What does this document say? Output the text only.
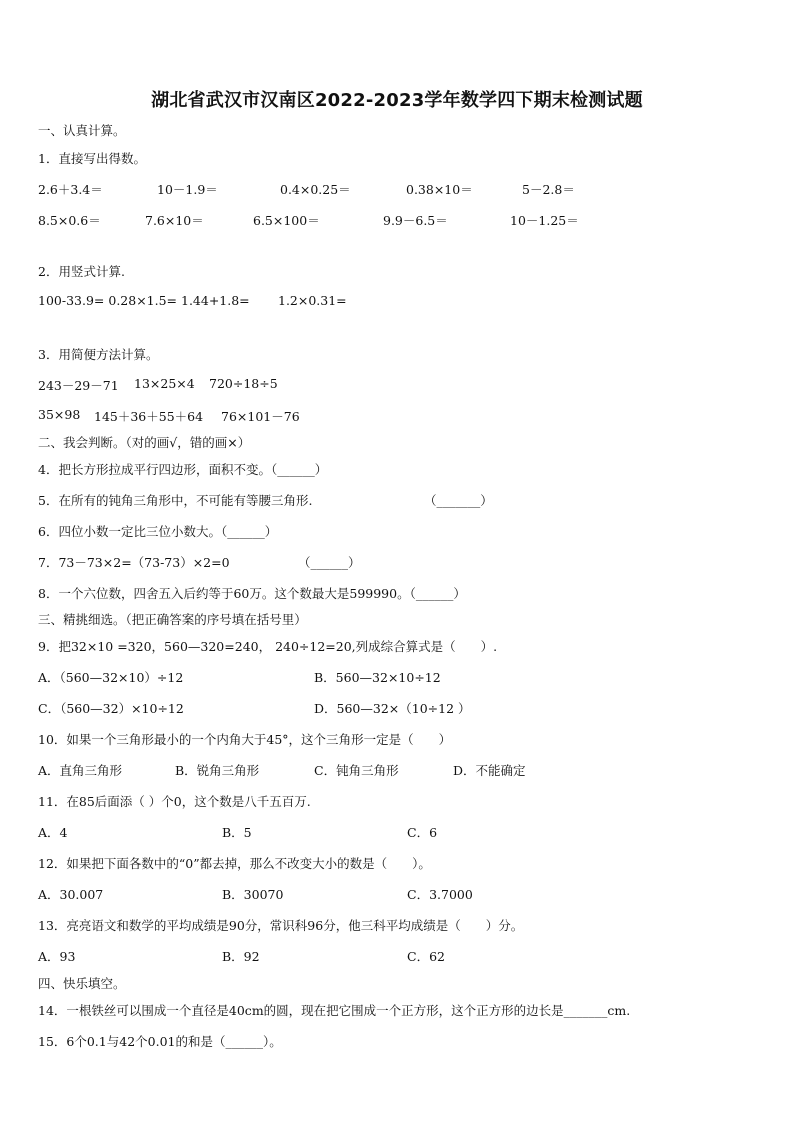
湖北省武汉市汉南区2022-2023学年数学四下期末检测试题
一、认真计算。
1．直接写出得数。
2.6＋3.4＝	10－1.9＝	0.4×0.25＝	0.38×10＝	5－2.8＝
8.5×0.6＝	7.6×10＝	6.5×100＝	9.9－6.5＝	10－1.25＝
2．用竖式计算.
100-33.9= 0.28×1.5= 1.44+1.8= 1.2×0.31=
3．用简便方法计算。
243－29－71 13×25×4 720÷18÷5
35×98 145＋36＋55＋64 76×101－76
二、我会判断。（对的画√，错的画×）
4．把长方形拉成平行四边形，面积不变。（______）
5．在所有的钝角三角形中，不可能有等腰三角形.	（_______）
6．四位小数一定比三位小数大。（______）
7．73－73×2=（73-73）×2=0	（______）
8．一个六位数，四舍五入后约等于60万。这个数最大是599990。（______）
三、精挑细选。（把正确答案的序号填在括号里）
9．把32×10 =320，560—320=240， 240÷12=20,列成综合算式是（　　）.
A．（560—32×10）÷12	B．560—32×10÷12
C．（560—32）×10÷12	D．560—32×（10÷12 ）
10．如果一个三角形最小的一个内角大于45°，这个三角形一定是（　　）
A．直角三角形	B．锐角三角形	C．钝角三角形	D．不能确定
11．在85后面添（ ）个0，这个数是八千五百万.
A．4	B．5	C．6
12．如果把下面各数中的“0”都去掉，那么不改变大小的数是（　　）。
A．30.007	B．30070	C．3.7000
13．亮亮语文和数学的平均成绩是90分，常识科96分，他三科平均成绩是（　　）分。
A．93	B．92	C．62
四、快乐填空。
14．一根铁丝可以围成一个直径是40cm的圆，现在把它围成一个正方形，这个正方形的边长是_______cm.
15．6个0.1与42个0.01的和是（______）。
